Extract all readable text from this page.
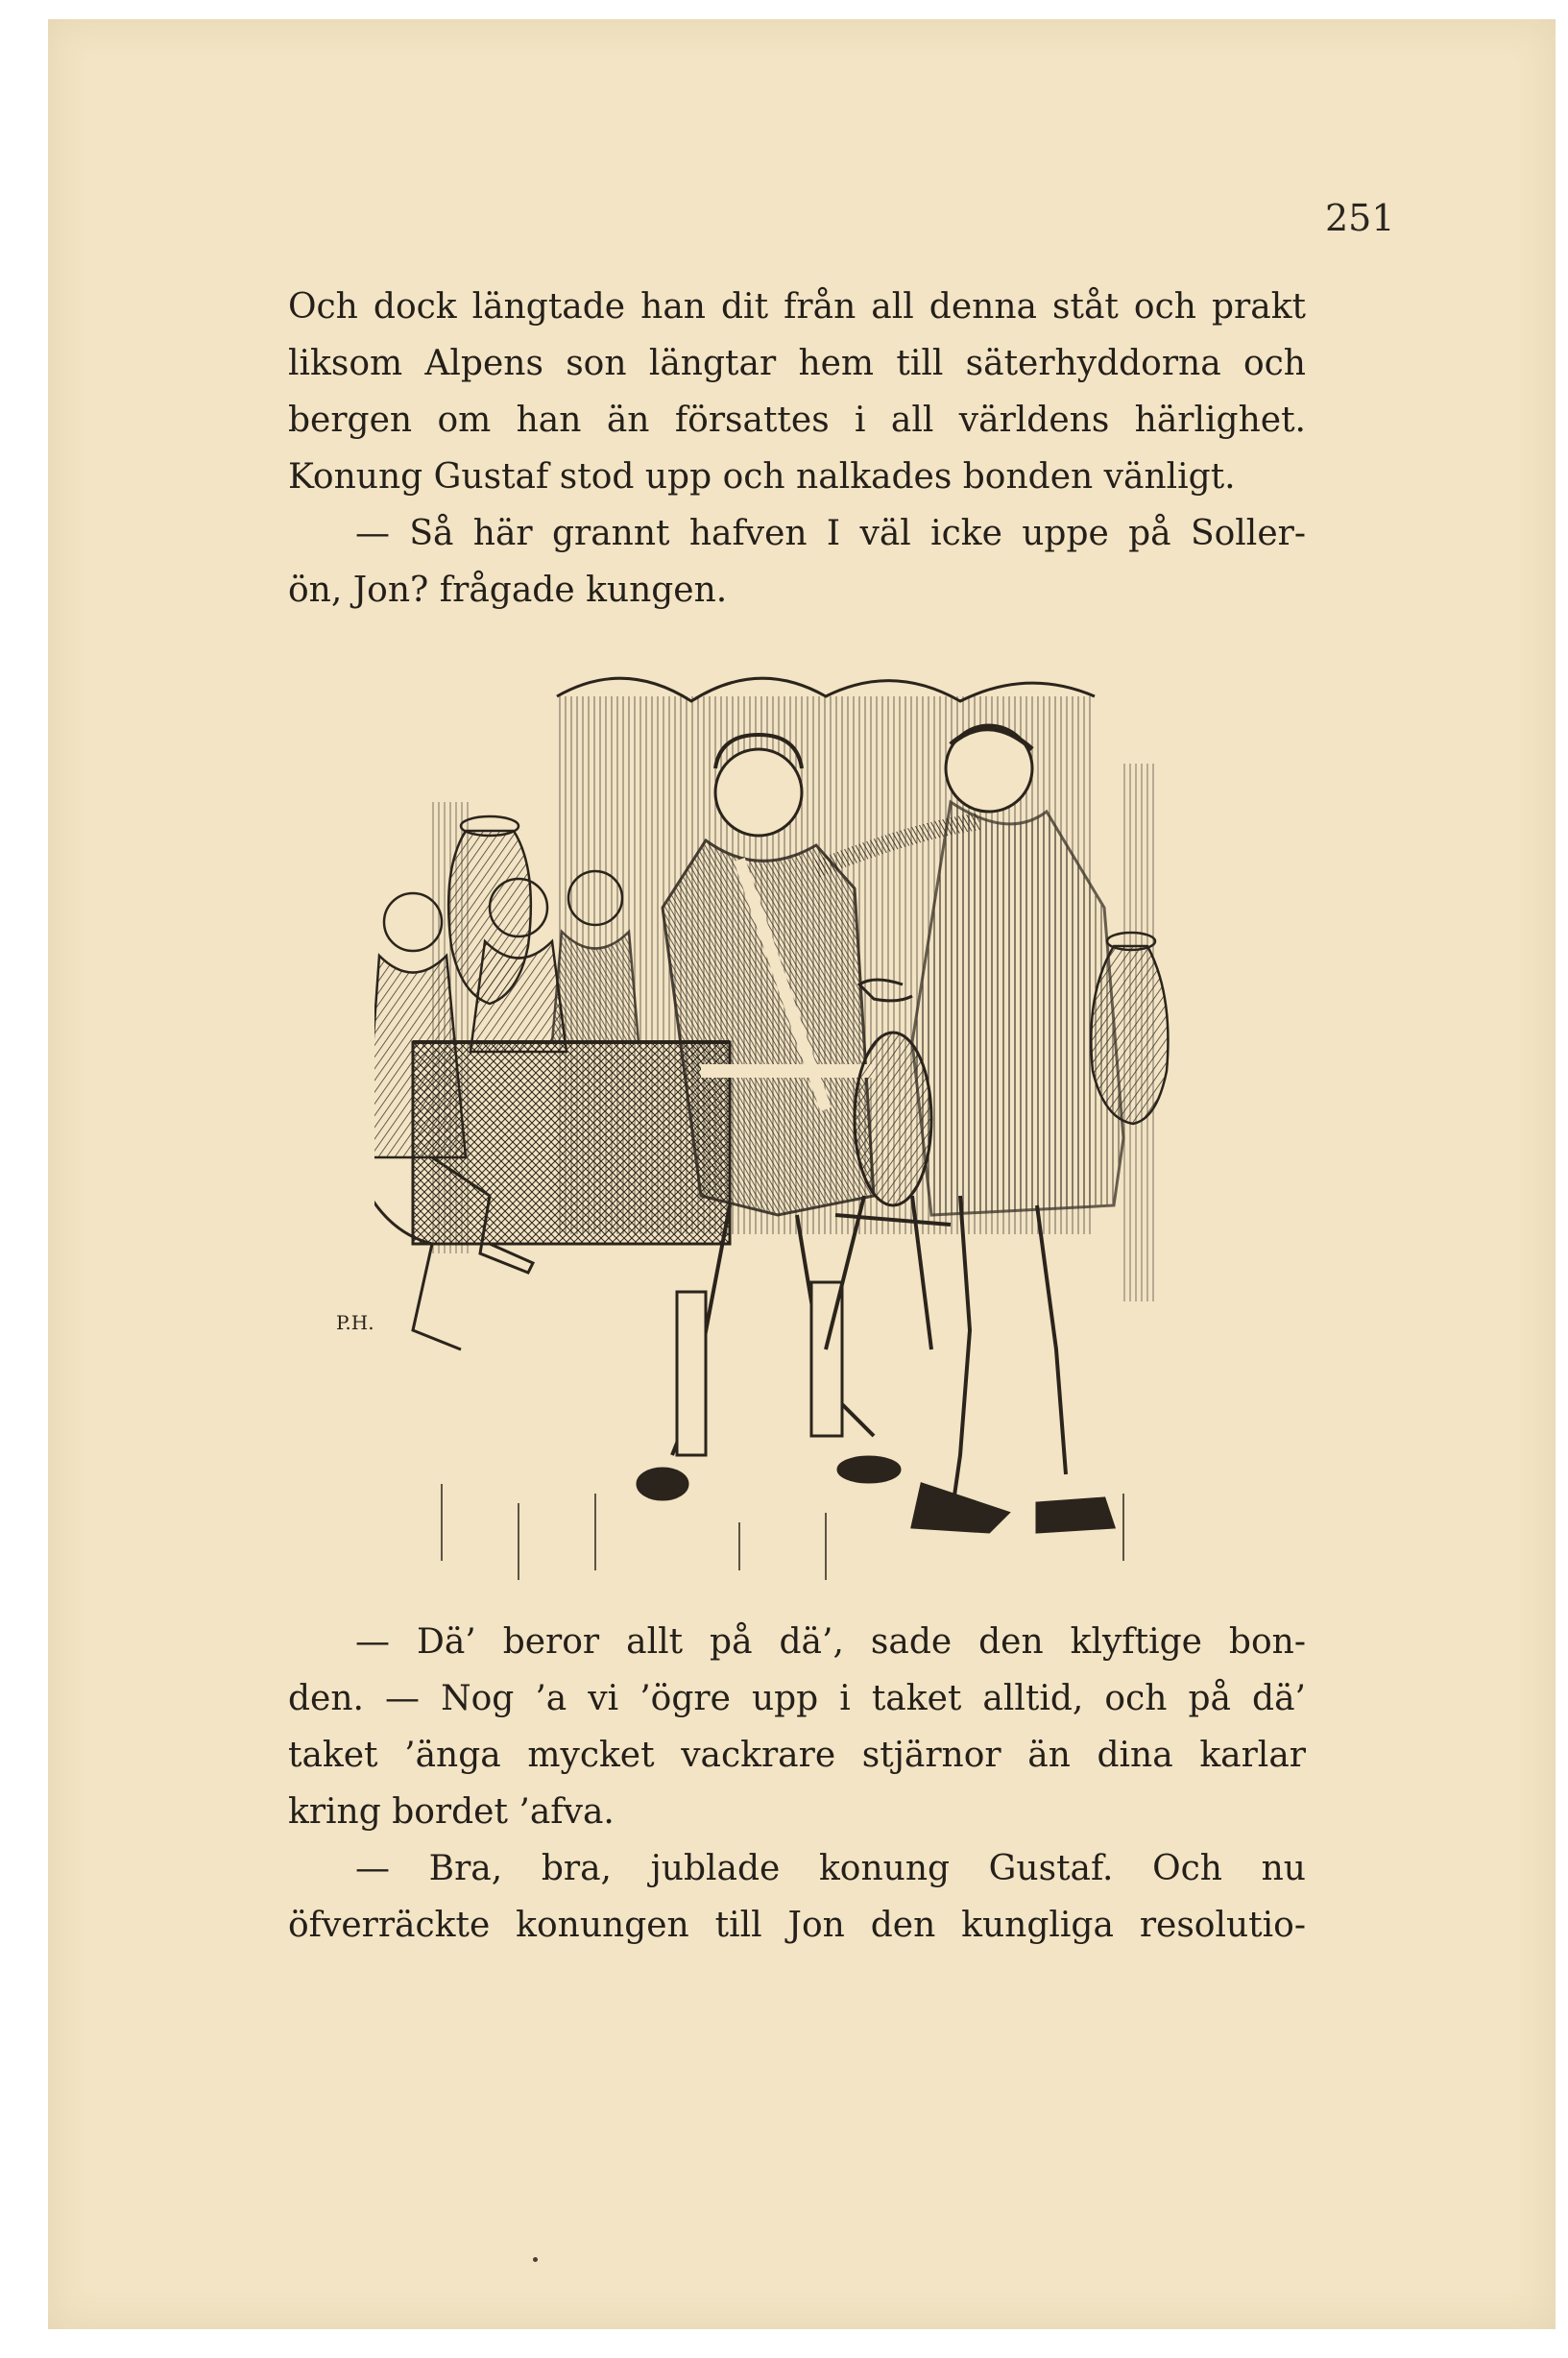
251
Och dock längtade han dit från all denna ståt och prakt
liksom Alpens son längtar hem till säterhyddorna och
bergen om han än försattes i all världens härlighet.
Konung Gustaf stod upp och nalkades bonden vänligt.
— Så här grannt hafven I väl icke uppe på Soller-
ön, Jon? frågade kungen.
P.H.
— Dä’ beror allt på dä’, sade den klyftige bon-
den. — Nog ’a vi ’ögre upp i taket alltid, och på dä’
taket ’änga mycket vackrare stjärnor än dina karlar
kring bordet ’afva.
— Bra, bra, jublade konung Gustaf. Och nu
öfverräckte konungen till Jon den kungliga resolutio-
